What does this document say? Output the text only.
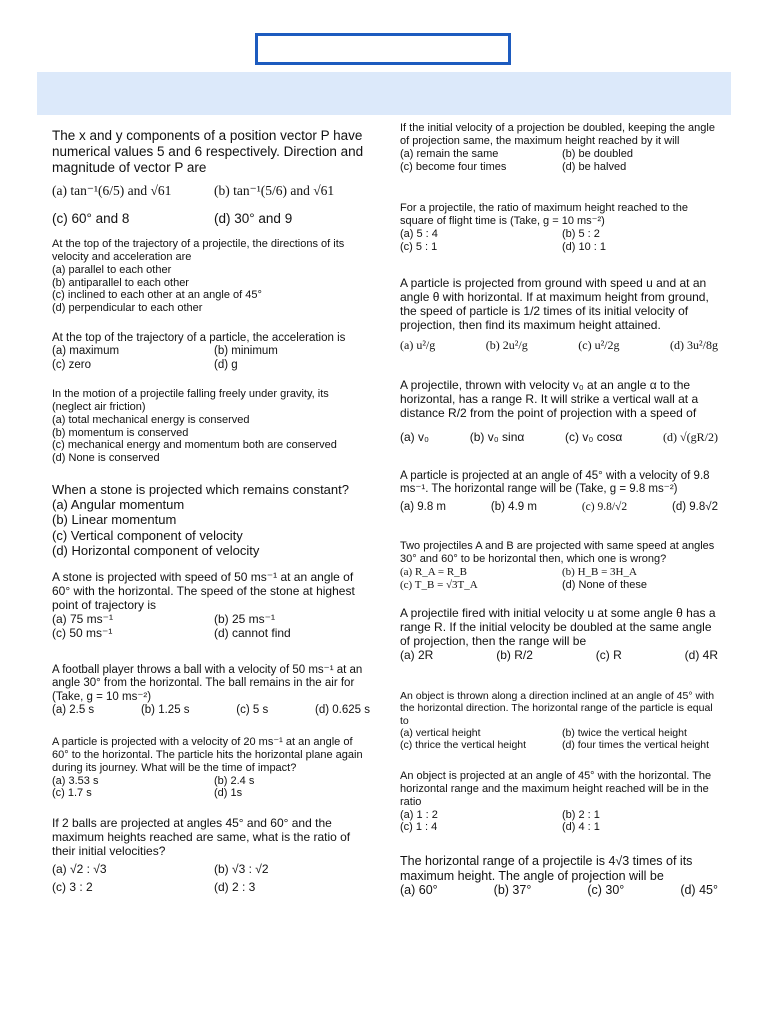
The x and y components of a position vector P have numerical values 5 and 6 respectively. Direction and magnitude of vector P are
(a) tan⁻¹(6/5) and √61	(b) tan⁻¹(5/6) and √61
(c) 60° and 8	(d) 30° and 9
At the top of the trajectory of a projectile, the directions of its velocity and acceleration are
(a) parallel to each other
(b) antiparallel to each other
(c) inclined to each other at an angle of 45°
(d) perpendicular to each other
At the top of the trajectory of a particle, the acceleration is
(a) maximum	(b) minimum
(c) zero	(d) g
In the motion of a projectile falling freely under gravity, its (neglect air friction)
(a) total mechanical energy is conserved
(b) momentum is conserved
(c) mechanical energy and momentum both are conserved
(d) None is conserved
When a stone is projected which remains constant?
(a) Angular momentum
(b) Linear momentum
(c) Vertical component of velocity
(d) Horizontal component of velocity
A stone is projected with speed of 50 ms⁻¹ at an angle of 60° with the horizontal. The speed of the stone at highest point of trajectory is
(a) 75 ms⁻¹	(b) 25 ms⁻¹
(c) 50 ms⁻¹	(d) cannot find
A football player throws a ball with a velocity of 50 ms⁻¹ at an angle 30° from the horizontal. The ball remains in the air for (Take, g = 10 ms⁻²)
(a) 2.5 s	(b) 1.25 s	(c) 5 s	(d) 0.625 s
A particle is projected with a velocity of 20 ms⁻¹ at an angle of 60° to the horizontal. The particle hits the horizontal plane again during its journey. What will be the time of impact?
(a) 3.53 s	(b) 2.4 s
(c) 1.7 s	(d) 1s
If 2 balls are projected at angles 45° and 60° and the maximum heights reached are same, what is the ratio of their initial velocities?
(a) √2 : √3	(b) √3 : √2
(c) 3 : 2	(d) 2 : 3
If the initial velocity of a projection be doubled, keeping the angle of projection same, the maximum height reached by it will
(a) remain the same	(b) be doubled
(c) become four times	(d) be halved
For a projectile, the ratio of maximum height reached to the square of flight time is (Take, g = 10 ms⁻²)
(a) 5 : 4	(b) 5 : 2
(c) 5 : 1	(d) 10 : 1
A particle is projected from ground with speed u and at an angle θ with horizontal. If at maximum height from ground, the speed of particle is 1/2 times of its initial velocity of projection, then find its maximum height attained.
(a) u²/g	(b) 2u²/g	(c) u²/2g	(d) 3u²/8g
A projectile, thrown with velocity v₀ at an angle α to the horizontal, has a range R. It will strike a vertical wall at a distance R/2 from the point of projection with a speed of
(a) v₀	(b) v₀ sinα	(c) v₀ cosα	(d) √(gR/2)
A particle is projected at an angle of 45° with a velocity of 9.8 ms⁻¹. The horizontal range will be (Take, g = 9.8 ms⁻²)
(a) 9.8 m	(b) 4.9 m	(c) 9.8/√2	(d) 9.8√2
Two projectiles A and B are projected with same speed at angles 30° and 60° to be horizontal then, which one is wrong?
(a) R_A = R_B	(b) H_B = 3H_A
(c) T_B = √3T_A	(d) None of these
A projectile fired with initial velocity u at some angle θ has a range R. If the initial velocity be doubled at the same angle of projection, then the range will be
(a) 2R	(b) R/2	(c) R	(d) 4R
An object is thrown along a direction inclined at an angle of 45° with the horizontal direction. The horizontal range of the particle is equal to
(a) vertical height	(b) twice the vertical height
(c) thrice the vertical height	(d) four times the vertical height
An object is projected at an angle of 45° with the horizontal. The horizontal range and the maximum height reached will be in the ratio
(a) 1 : 2	(b) 2 : 1
(c) 1 : 4	(d) 4 : 1
The horizontal range of a projectile is 4√3 times of its maximum height. The angle of projection will be
(a) 60°	(b) 37°	(c) 30°	(d) 45°
